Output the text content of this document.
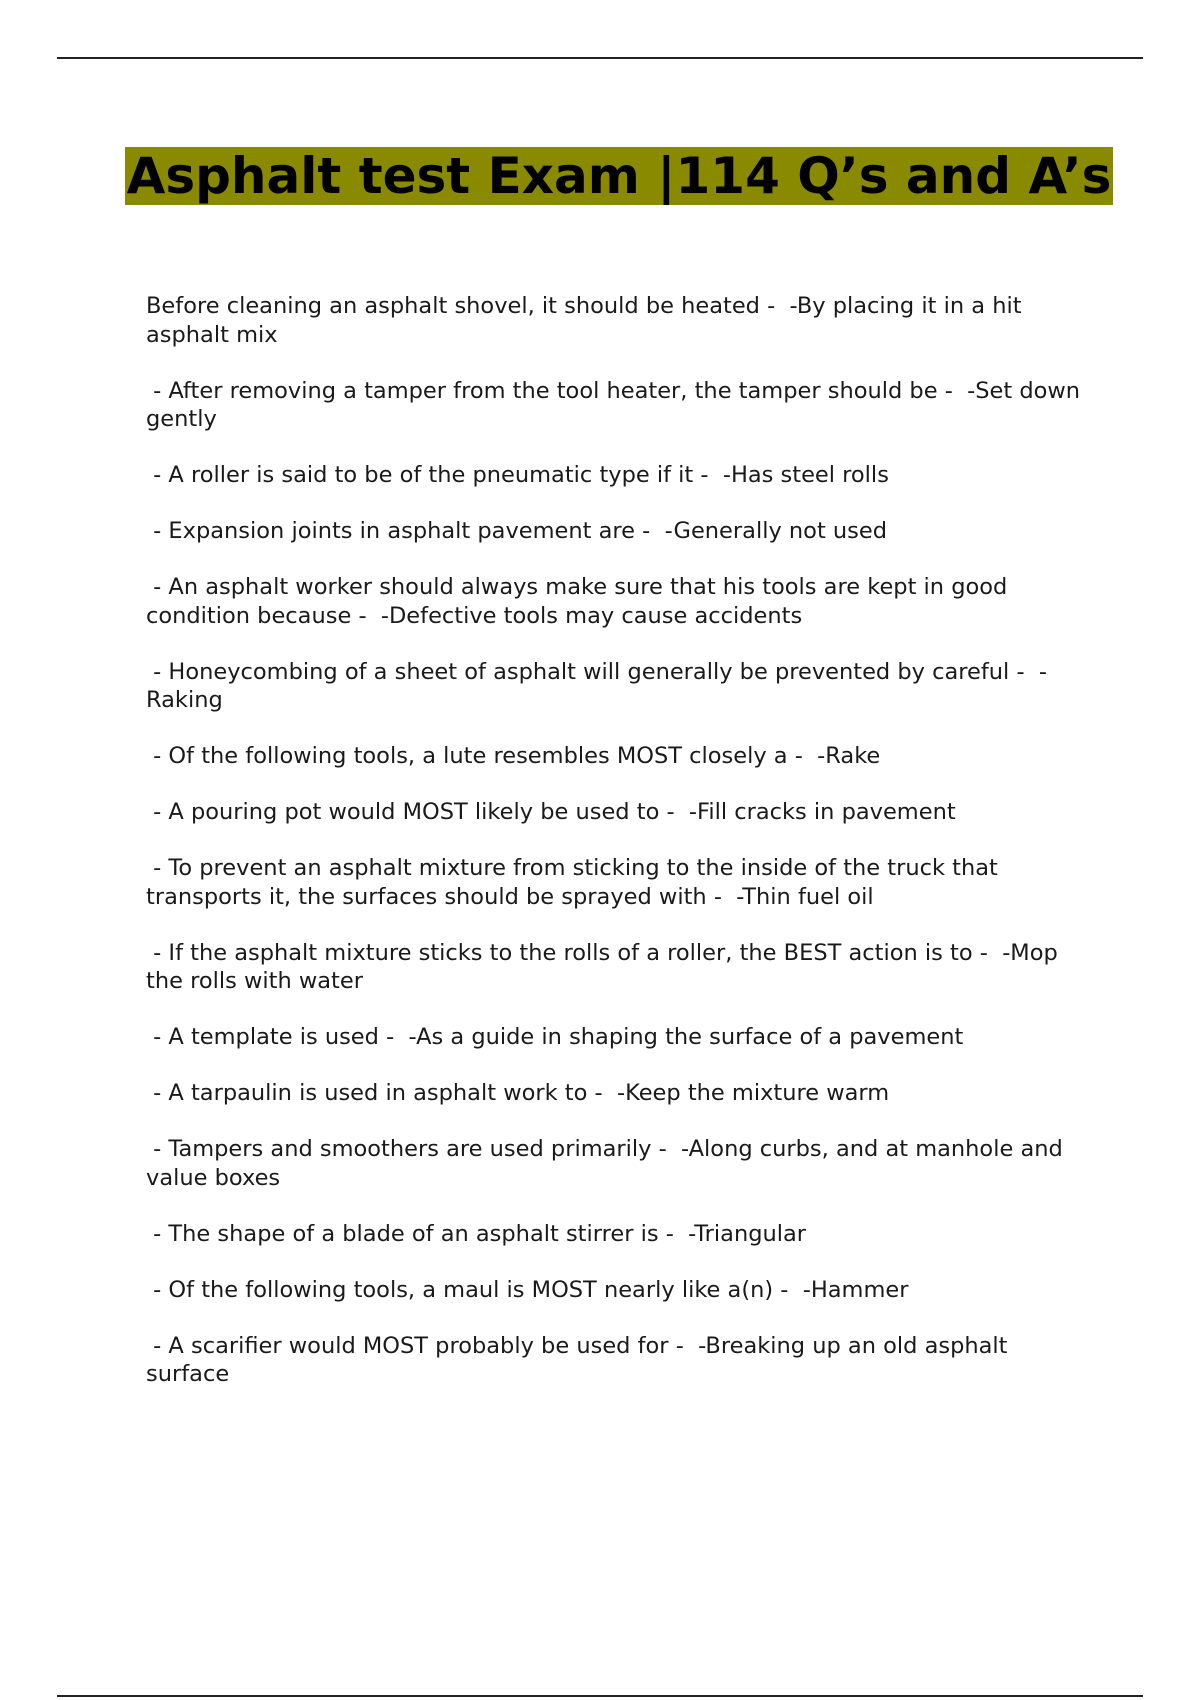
Asphalt test Exam |114 Q’s and A’s
Before cleaning an asphalt shovel, it should be heated -  -By placing it in a hit asphalt mix
- After removing a tamper from the tool heater, the tamper should be -  -Set down gently
- A roller is said to be of the pneumatic type if it -  -Has steel rolls
- Expansion joints in asphalt pavement are -  -Generally not used
- An asphalt worker should always make sure that his tools are kept in good condition because -  -Defective tools may cause accidents
- Honeycombing of a sheet of asphalt will generally be prevented by careful -  -Raking
- Of the following tools, a lute resembles MOST closely a -  -Rake
- A pouring pot would MOST likely be used to -  -Fill cracks in pavement
- To prevent an asphalt mixture from sticking to the inside of the truck that transports it, the surfaces should be sprayed with -  -Thin fuel oil
- If the asphalt mixture sticks to the rolls of a roller, the BEST action is to -  -Mop the rolls with water
- A template is used -  -As a guide in shaping the surface of a pavement
- A tarpaulin is used in asphalt work to -  -Keep the mixture warm
- Tampers and smoothers are used primarily -  -Along curbs, and at manhole and value boxes
- The shape of a blade of an asphalt stirrer is -  -Triangular
- Of the following tools, a maul is MOST nearly like a(n) -  -Hammer
- A scarifier would MOST probably be used for -  -Breaking up an old asphalt surface
